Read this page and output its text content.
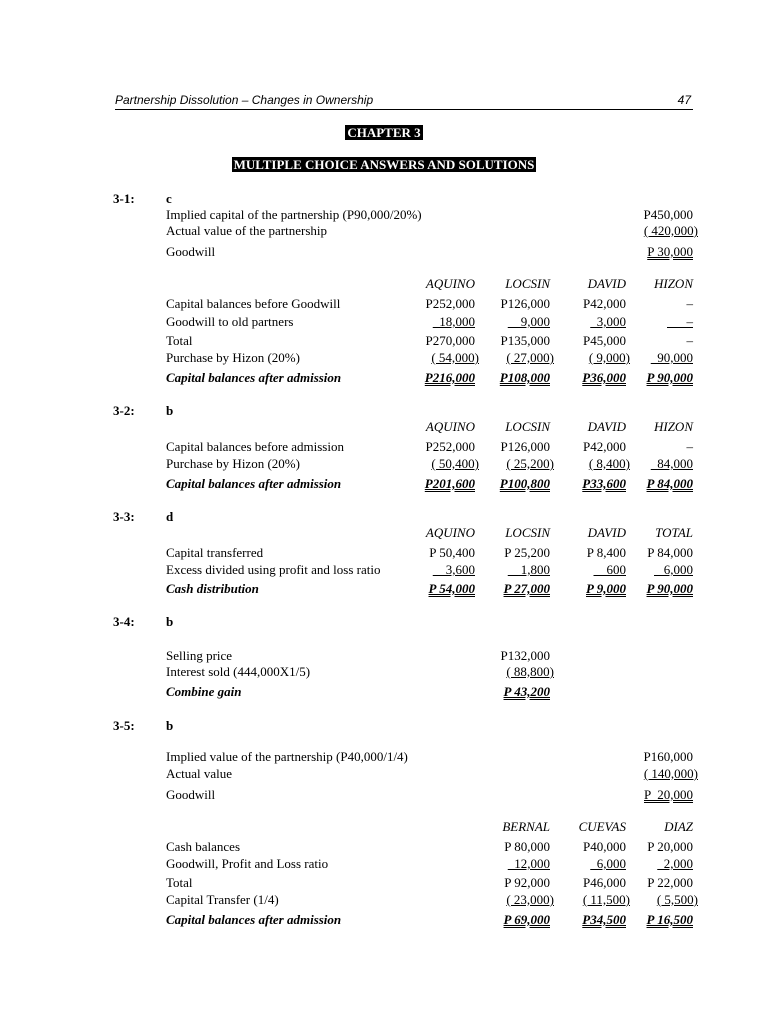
Partnership Dissolution – Changes in Ownership	47
CHAPTER 3
MULTIPLE CHOICE ANSWERS AND SOLUTIONS
3-1: c
Implied capital of the partnership (P90,000/20%)	P450,000
Actual value of the partnership	( 420,000)
Goodwill	P 30,000
AQUINO LOCSIN	DAVID HIZON
Capital balances before Goodwill	P252,000 P126,000	P42,000	–
Goodwill to old partners	18,000	9,000	3,000	–
Total	P270,000 P135,000	P45,000	–
Purchase by Hizon (20%)	( 54,000) ( 27,000)	( 9,000) 90,000
Capital balances after admission	P216,000 P108,000 P36,000 P 90,000
3-2: b
AQUINO LOCSIN	DAVID HIZON
Capital balances before admission	P252,000 P126,000	P42,000	–
Purchase by Hizon (20%)	( 50,400) ( 25,200)	( 8,400) 84,000
Capital balances after admission	P201,600 P100,800 P33,600 P 84,000
3-3: d
AQUINO LOCSIN	DAVID TOTAL
Capital transferred	P 50,400 P 25,200	P 8,400 P 84,000
Excess divided using profit and loss ratio	3,600	1,800	600 6,000
Cash distribution	P 54,000 P 27,000	P 9,000 P 90,000
3-4: b
Selling price	P132,000
Interest sold (444,000X1/5)	( 88,800)
Combine gain	P 43,200
3-5: b
Implied value of the partnership (P40,000/1/4)	P160,000
Actual value	( 140,000)
Goodwill	P  20,000
BERNAL CUEVAS	DIAZ
Cash balances	P 80,000	P40,000 P 20,000
Goodwill, Profit and Loss ratio	12,000	6,000 2,000
Total	P 92,000	P46,000 P 22,000
Capital Transfer (1/4)	( 23,000) ( 11,500) ( 5,500)
Capital balances after admission	P 69,000 P34,500 P 16,500
